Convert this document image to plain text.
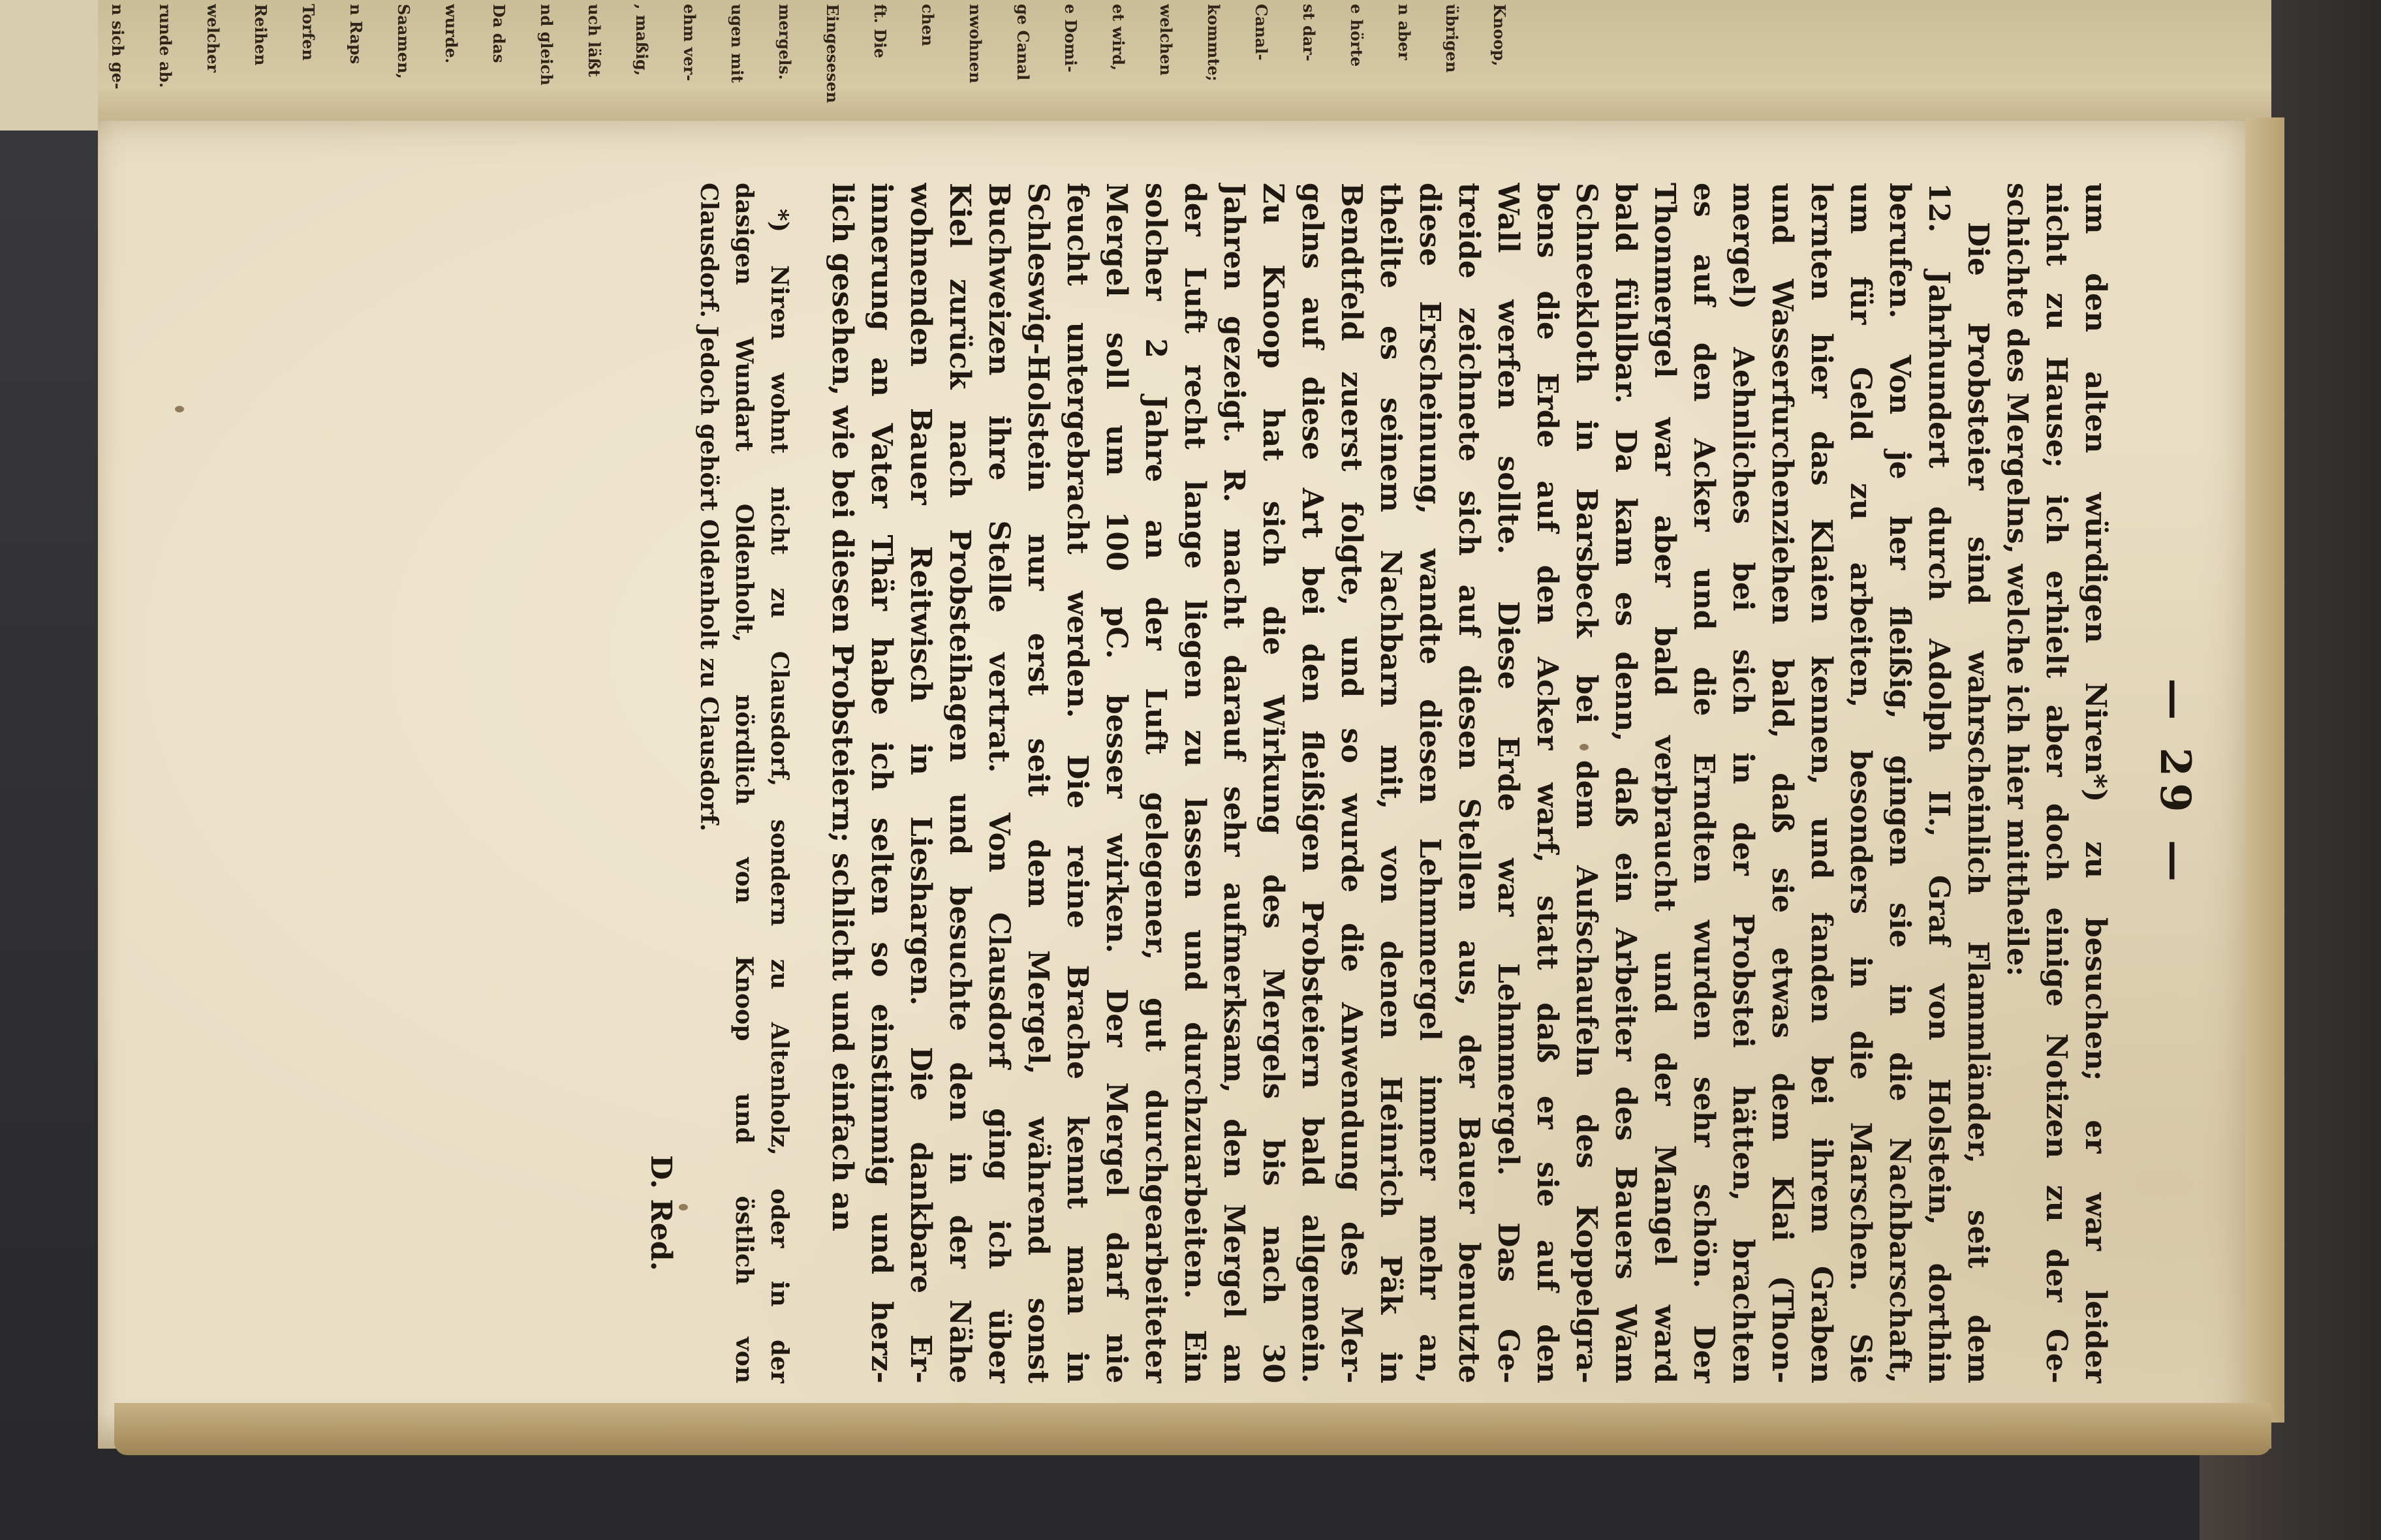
n sich ge-	runde ab.	welcher	Reihen	Torfen	n Raps	Saamen,	wurde.	Da das	nd gleich	uch läßt	, maßig,	ehm ver-	ugen mit	mergels.	Eingesesen	ft. Die	chen	nwohnen	ge Canal	e Domi-	et wird,	welchen	kommte;	Canal-	st dar-	e hörte	n aber	übrigen	Knoop,
— 29 —
um den alten würdigen Niren*) zu besuchen; er war leider
nicht zu Hause; ich erhielt aber doch einige Notizen zu der Ge-
schichte des Mergelns, welche ich hier mittheile:
Die Probsteier sind wahrscheinlich Flammländer, seit dem
12. Jahrhundert durch Adolph II., Graf von Holstein, dorthin
berufen. Von je her fleißig, gingen sie in die Nachbarschaft,
um für Geld zu arbeiten, besonders in die Marschen. Sie
lernten hier das Klaien kennen, und fanden bei ihrem Graben
und Wasserfurchenziehen bald, daß sie etwas dem Klai (Thon-
mergel) Aehnliches bei sich in der Probstei hätten, brachten
es auf den Acker und die Erndten wurden sehr schön. Der
Thonmergel war aber bald verbraucht und der Mangel ward
bald fühlbar. Da kam es denn, daß ein Arbeiter des Bauers Wam
Schneekloth in Barsbeck bei dem Aufschaufeln des Koppelgra-
bens die Erde auf den Acker warf, statt daß er sie auf den
Wall werfen sollte. Diese Erde war Lehmmergel. Das Ge-
treide zeichnete sich auf diesen Stellen aus, der Bauer benutzte
diese Erscheinung, wandte diesen Lehmmergel immer mehr an,
theilte es seinem Nachbarn mit, von denen Heinrich Päk in
Bendtfeld zuerst folgte, und so wurde die Anwendung des Mer-
gelns auf diese Art bei den fleißigen Probsteiern bald allgemein.
Zu Knoop hat sich die Wirkung des Mergels bis nach 30
Jahren gezeigt. R. macht darauf sehr aufmerksam, den Mergel an
der Luft recht lange liegen zu lassen und durchzuarbeiten. Ein
solcher 2 Jahre an der Luft gelegener, gut durchgearbeiteter
Mergel soll um 100 pC. besser wirken. Der Mergel darf nie
feucht untergebracht werden. Die reine Brache kennt man in
Schleswig-Holstein nur erst seit dem Mergel, während sonst
Buchweizen ihre Stelle vertrat. Von Clausdorf ging ich über
Kiel zurück nach Probsteihagen und besuchte den in der Nähe
wohnenden Bauer Reitwisch in Lieshargen. Die dankbare Er-
innerung an Vater Thär habe ich selten so einstimmig und herz-
lich gesehen, wie bei diesen Probsteiern; schlicht und einfach an
*) Niren wohnt nicht zu Clausdorf, sondern zu Altenholz, oder in der
dasigen Wundart Oldenholt, nördlich von Knoop und östlich von
Clausdorf. Jedoch gehört Oldenholt zu Clausdorf.
D. Red.
